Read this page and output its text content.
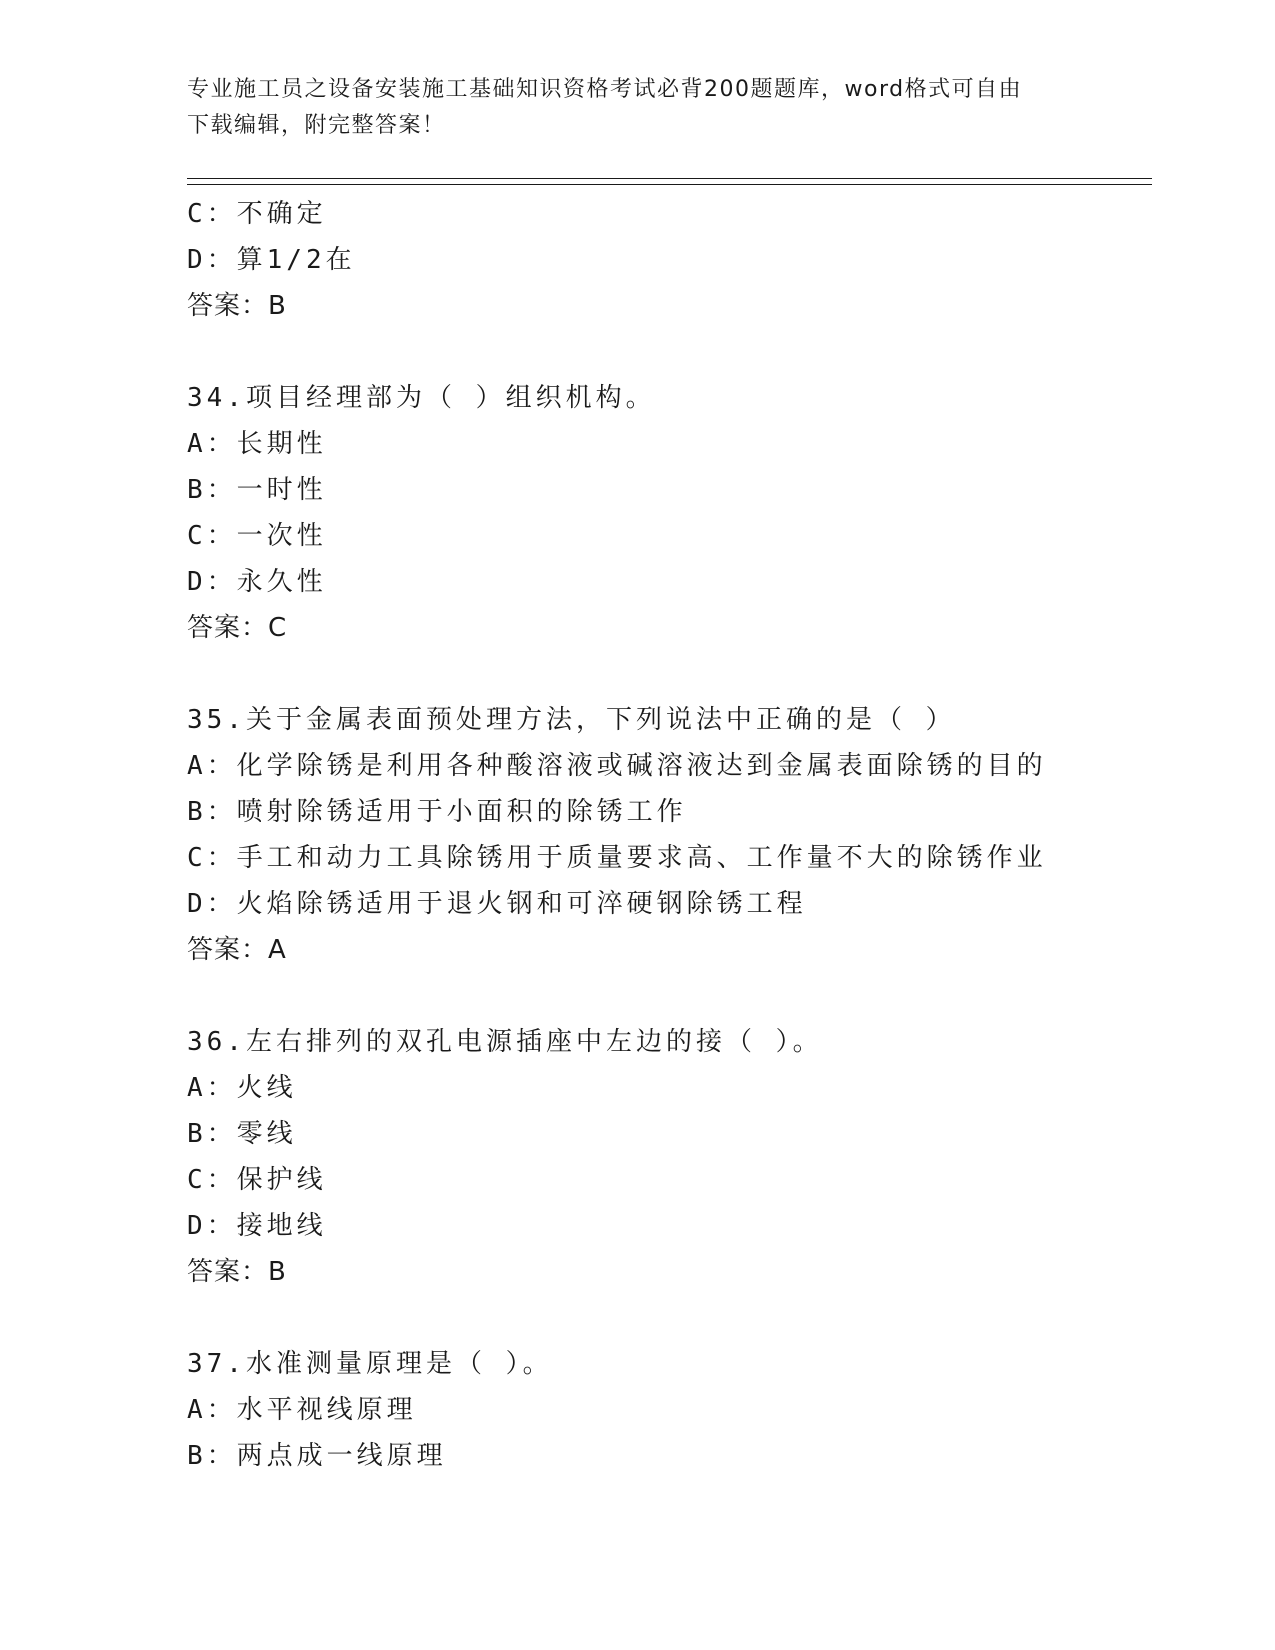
专业施工员之设备安装施工基础知识资格考试必背200题题库，word格式可自由
下载编辑，附完整答案！
C：不确定
D：算1/2在
答案：B
34.项目经理部为（ ）组织机构。
A：长期性
B：一时性
C：一次性
D：永久性
答案：C
35.关于金属表面预处理方法，下列说法中正确的是（ ）
A：化学除锈是利用各种酸溶液或碱溶液达到金属表面除锈的目的
B：喷射除锈适用于小面积的除锈工作
C：手工和动力工具除锈用于质量要求高、工作量不大的除锈作业
D：火焰除锈适用于退火钢和可淬硬钢除锈工程
答案：A
36.左右排列的双孔电源插座中左边的接（ ）。
A：火线
B：零线
C：保护线
D：接地线
答案：B
37.水准测量原理是（ ）。
A：水平视线原理
B：两点成一线原理
